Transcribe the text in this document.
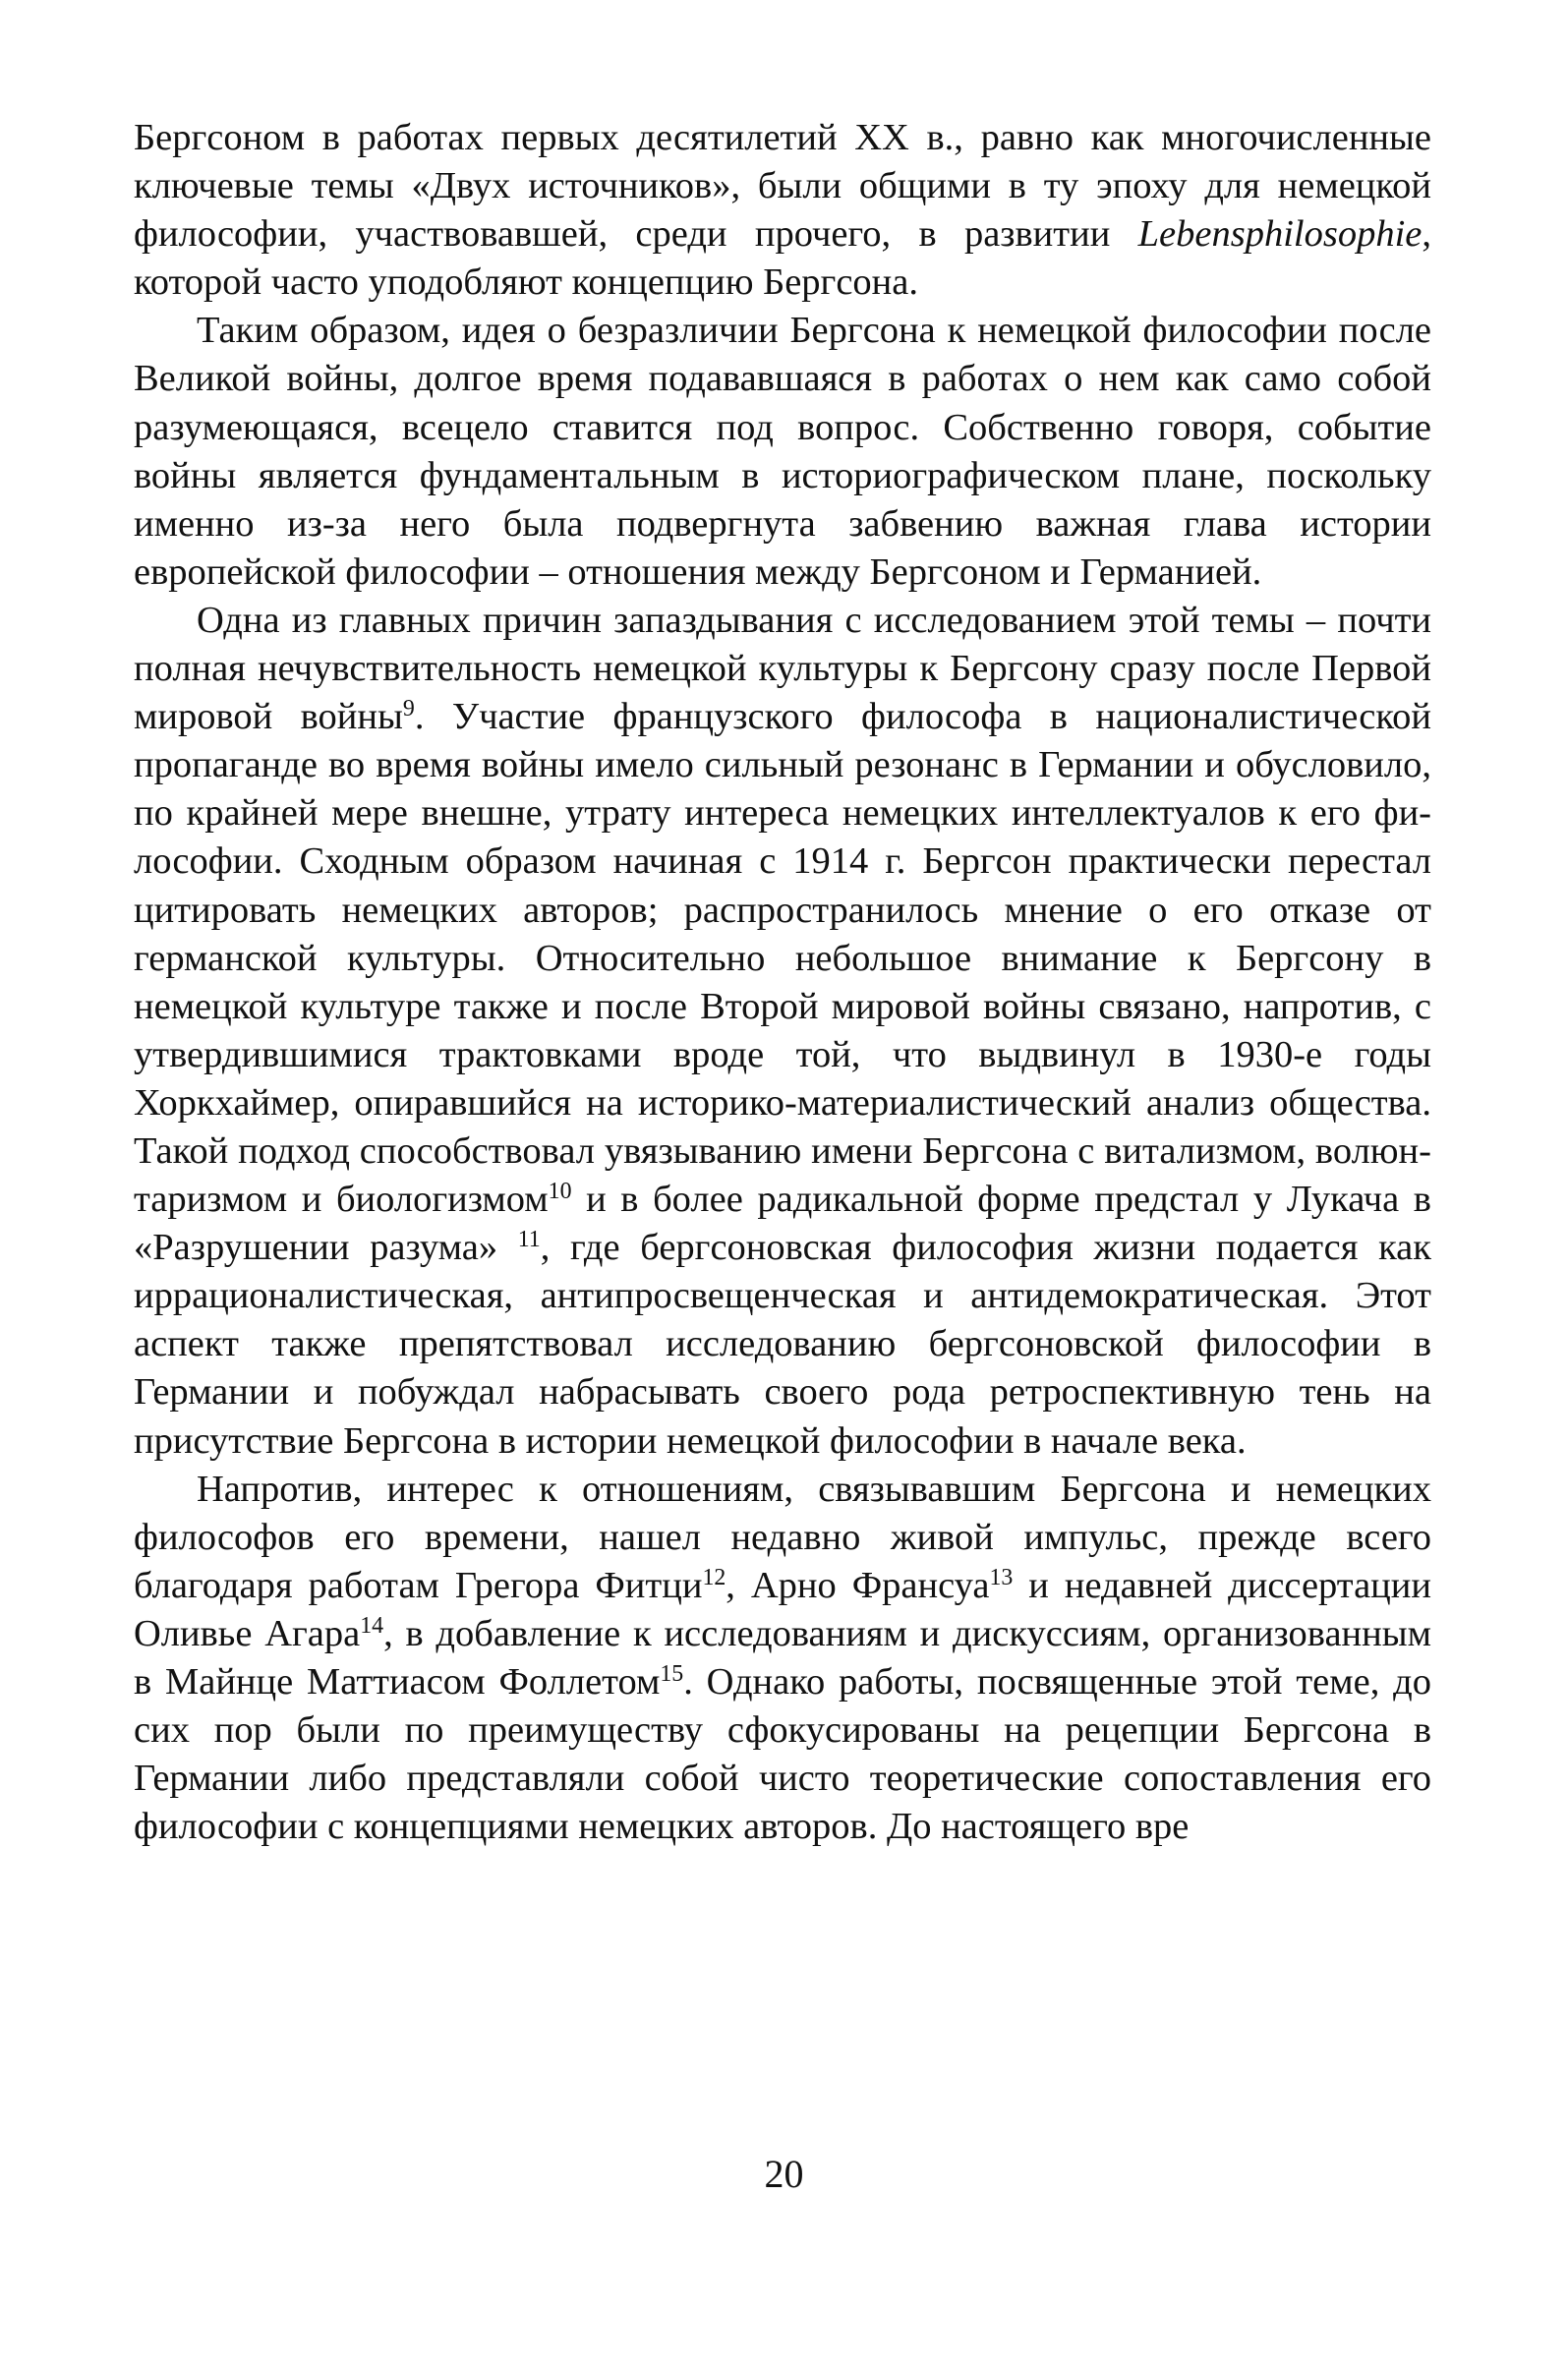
Бергсоном в работах первых десятилетий XX в., равно как многочисленные ключевые темы «Двух источников», были общими в ту эпоху для немецкой философии, участвовавшей, среди прочего, в развитии Lebensphilosophie, которой часто уподобляют концепцию Бергсона.

Таким образом, идея о безразличии Бергсона к немецкой философии после Великой войны, долгое время подававшаяся в работах о нем как само собой разумеющаяся, всецело ставится под вопрос. Собственно говоря, событие войны является фундаментальным в историографическом плане, поскольку именно из-за него была подвергнута забвению важная глава истории европейской философии – отношения между Бергсоном и Германией.

Одна из главных причин запаздывания с исследованием этой темы – почти полная нечувствительность немецкой культуры к Бергсону сразу после Первой мировой войны$^9$. Участие французского философа в националистической пропаганде во время войны имело сильный резонанс в Германии и обусловило, по крайней мере внешне, утрату интереса немецких интеллектуалов к его философии. Сходным образом начиная с 1914 г. Бергсон практически перестал цитировать немецких авторов; распространилось мнение о его отказе от германской культуры. Относительно небольшое внимание к Бергсону в немецкой культуре также и после Второй мировой войны связано, напротив, с утвердившимися трактовками вроде той, что выдвинул в 1930-е годы Хоркхаймер, опиравшийся на историко-материалистический анализ общества. Такой подход способствовал увязыванию имени Бергсона с витализмом, волюнтаризмом и биологизмом$^{10}$ и в более радикальной форме предстал у Лукача в «Разрушении разума» $^{11}$, где бергсоновская философия жизни подается как иррационалистическая, антипросвещенческая и антидемократическая. Этот аспект также препятствовал исследованию бергсоновской философии в Германии и побуждал набрасывать своего рода ретроспективную тень на присутствие Бергсона в истории немецкой философии в начале века.

Напротив, интерес к отношениям, связывавшим Бергсона и немецких философов его времени, нашел недавно живой импульс, прежде всего благодаря работам Грегора Фитци$^{12}$, Арно Франсуа$^{13}$ и недавней диссертации Оливье Агара$^{14}$, в добавление к исследованиям и дискуссиям, организованным в Майнце Маттиасом Фоллетом$^{15}$. Однако работы, посвященные этой теме, до сих пор были по преимуществу сфокусированы на рецепции Бергсона в Германии либо представляли собой чисто теоретические сопоставления его философии с концепциями немецких авторов. До настоящего вре

20
